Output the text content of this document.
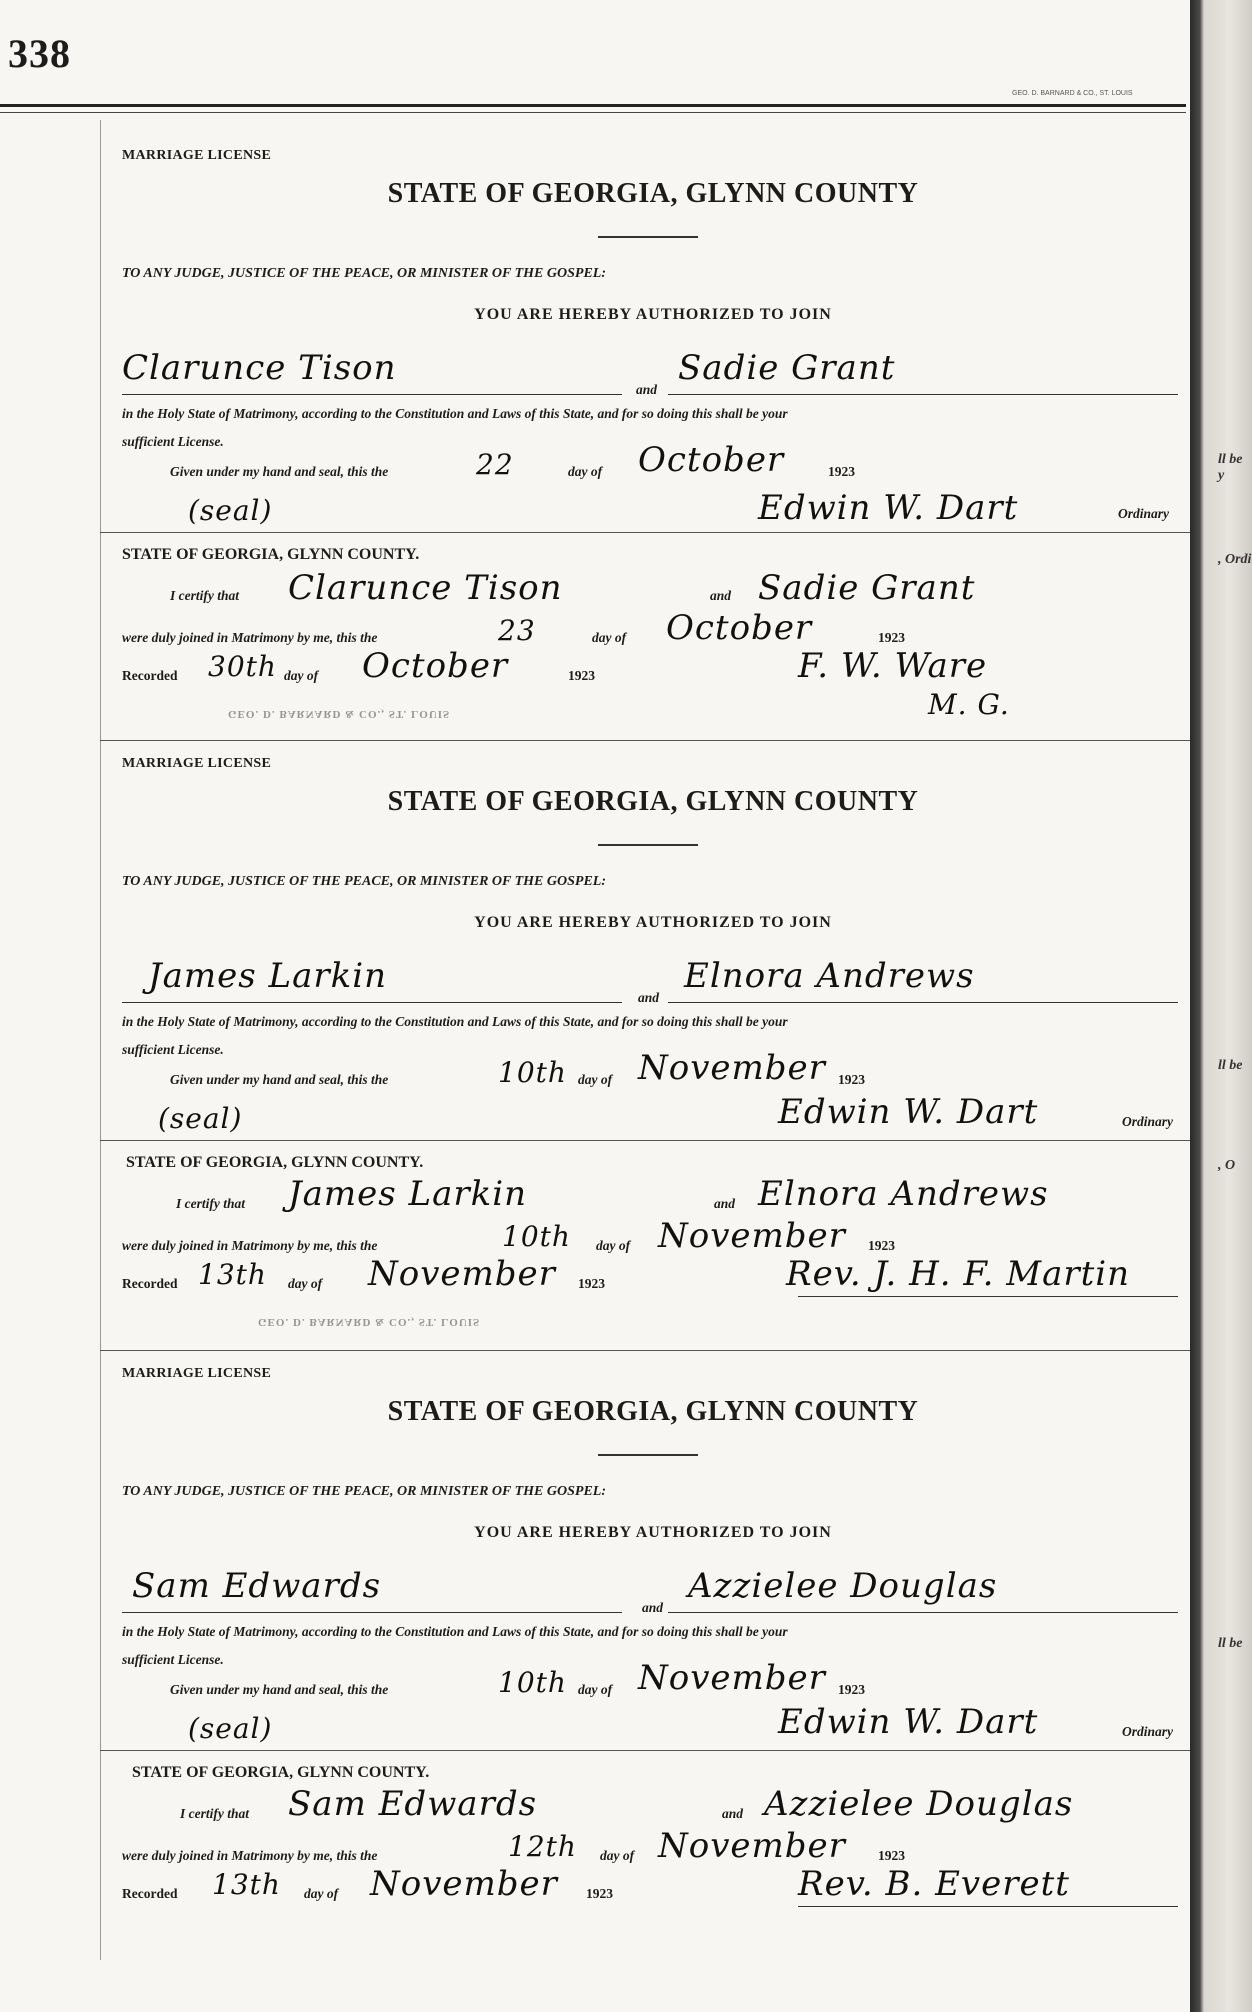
338
GEO. D. BARNARD & CO., ST. LOUIS
ll be y
, Ordi
ll be
, O
ll be
MARRIAGE LICENSE
STATE OF GEORGIA, GLYNN COUNTY
TO ANY JUDGE, JUSTICE OF THE PEACE, OR MINISTER OF THE GOSPEL:
YOU ARE HEREBY AUTHORIZED TO JOIN
Clarunce Tison
and
Sadie Grant
in the Holy State of Matrimony, according to the Constitution and Laws of this State, and for so doing this shall be your
sufficient License.
Given under my hand and seal, this the	22	day of October	1923
(seal)	Edwin W. Dart	Ordinary
STATE OF GEORGIA, GLYNN COUNTY.
I certify that Clarunce Tison	and Sadie Grant
were duly joined in Matrimony by me, this the	23	day of October	1923
Recorded 30th day of October	1923	F. W. Ware
M. G.
GEO. D. BARNARD & CO., ST. LOUIS
MARRIAGE LICENSE
STATE OF GEORGIA, GLYNN COUNTY
TO ANY JUDGE, JUSTICE OF THE PEACE, OR MINISTER OF THE GOSPEL:
YOU ARE HEREBY AUTHORIZED TO JOIN
James Larkin
and
Elnora Andrews
in the Holy State of Matrimony, according to the Constitution and Laws of this State, and for so doing this shall be your
sufficient License.
Given under my hand and seal, this the	10th day of November 1923
(seal)	Edwin W. Dart	Ordinary
STATE OF GEORGIA, GLYNN COUNTY.
I certify that James Larkin	and Elnora Andrews
were duly joined in Matrimony by me, this the	10th day of November 1923
Recorded 13th day of November 1923	Rev. J. H. F. Martin
GEO. D. BARNARD & CO., ST. LOUIS
MARRIAGE LICENSE
STATE OF GEORGIA, GLYNN COUNTY
TO ANY JUDGE, JUSTICE OF THE PEACE, OR MINISTER OF THE GOSPEL:
YOU ARE HEREBY AUTHORIZED TO JOIN
Sam Edwards
and
Azzielee Douglas
in the Holy State of Matrimony, according to the Constitution and Laws of this State, and for so doing this shall be your
sufficient License.
Given under my hand and seal, this the	10th day of November 1923
(seal)	Edwin W. Dart	Ordinary
STATE OF GEORGIA, GLYNN COUNTY.
I certify that Sam Edwards	and Azzielee Douglas
were duly joined in Matrimony by me, this the	12th day of November 1923
Recorded 13th day of November 1923	Rev. B. Everett
